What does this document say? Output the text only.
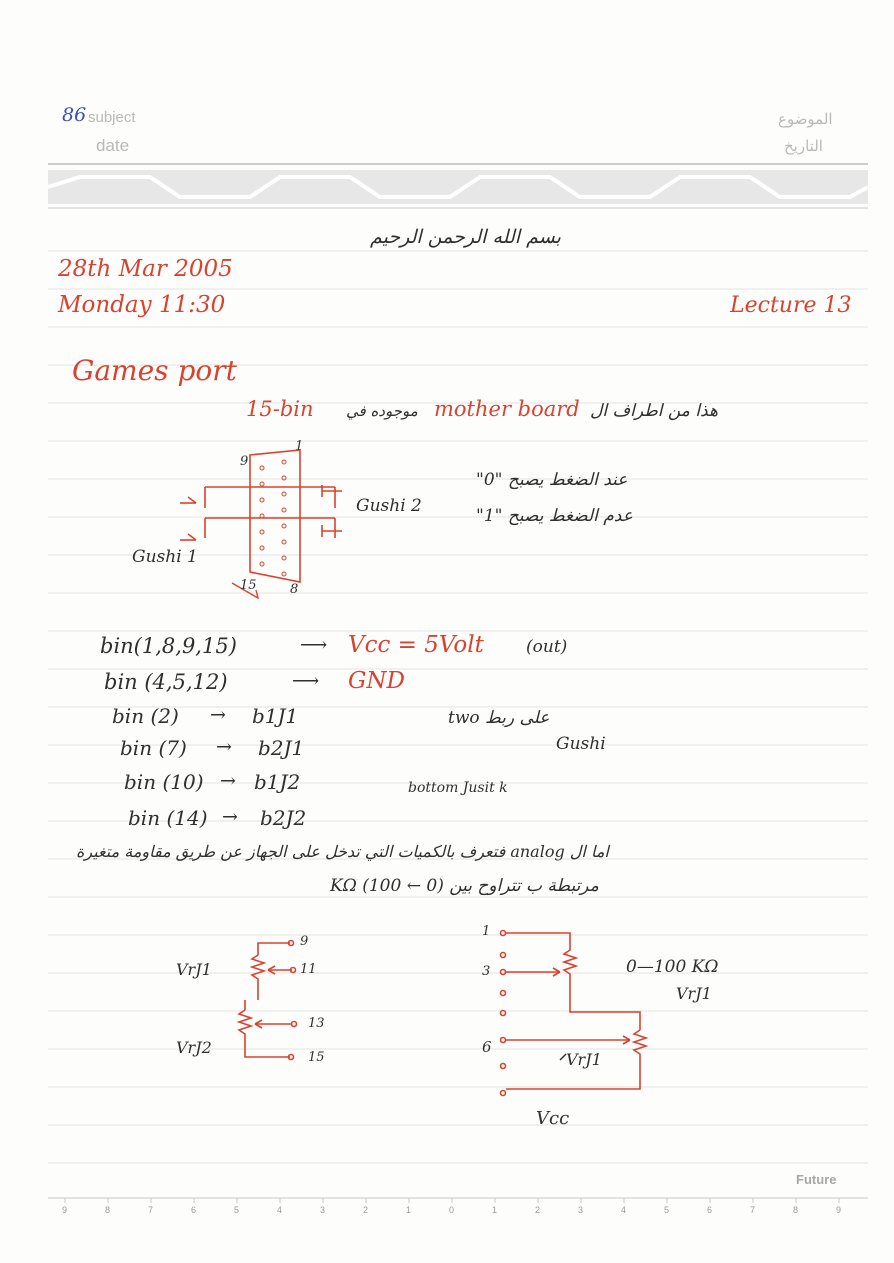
86 subject
date
الموضوع
التاريخ
بسم الله الرحمن الرحيم
28th Mar 2005
Monday 11:30	Lecture 13
Games port
15-bin موجوده في mother board هذا من اطراف ال
9
1
15	8
Gushi 1
Gushi 2
عند الضغط يصبح "0"
عدم الضغط يصبح "1"
bin(1,8,9,15)	⟶ Vcc = 5Volt (out)
bin (4,5,12)	⟶ GND
bin (2) → b1J1
bin (7) → b2J1
bin (10) → b1J2
bin (14) → b2J2
على ربط two
Gushi
bottom Jusit k
اما ال analog فتعرف بالكميات التي تدخل على الجهاز عن طريق مقاومة متغيرة
مرتبطة ب تتراوح بين (0 ← 100) KΩ
VrJ1
VrJ2
9
11
13
15
1
3
6
0—100 KΩ
VrJ1
VrJ1
Vcc
Future
9	8	7	6	5	4	3	2	1	0	1	2	3	4	5	6	7	8	9
